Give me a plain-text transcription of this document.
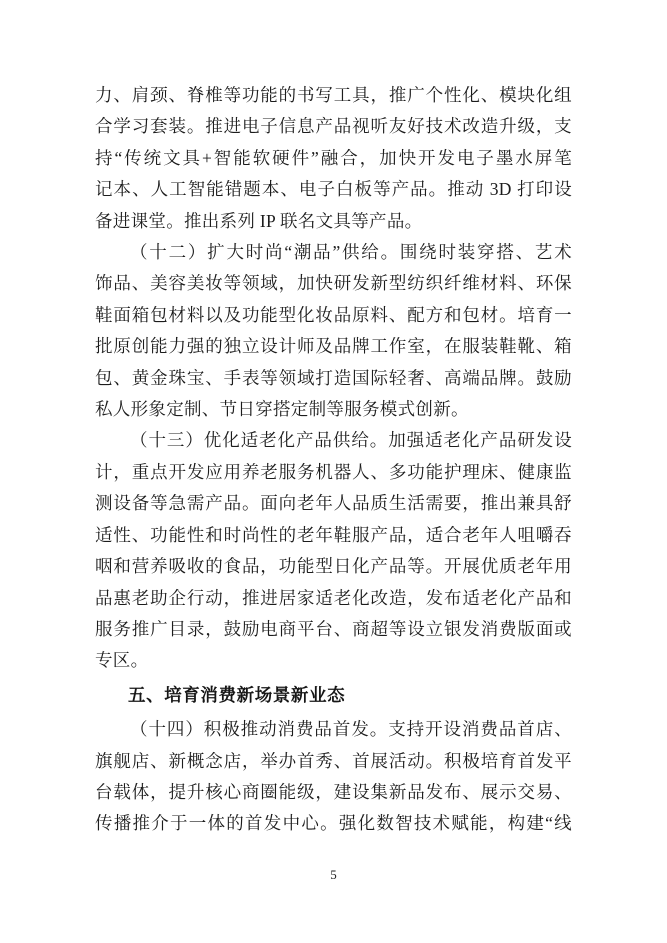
力、肩颈、脊椎等功能的书写工具，推广个性化、模块化组
合学习套装。推进电子信息产品视听友好技术改造升级，支
持“传统文具+智能软硬件”融合，加快开发电子墨水屏笔
记本、人工智能错题本、电子白板等产品。推动 3D 打印设
备进课堂。推出系列 IP 联名文具等产品。
（十二）扩大时尚“潮品”供给。围绕时装穿搭、艺术
饰品、美容美妆等领域，加快研发新型纺织纤维材料、环保
鞋面箱包材料以及功能型化妆品原料、配方和包材。培育一
批原创能力强的独立设计师及品牌工作室，在服装鞋靴、箱
包、黄金珠宝、手表等领域打造国际轻奢、高端品牌。鼓励
私人形象定制、节日穿搭定制等服务模式创新。
（十三）优化适老化产品供给。加强适老化产品研发设
计，重点开发应用养老服务机器人、多功能护理床、健康监
测设备等急需产品。面向老年人品质生活需要，推出兼具舒
适性、功能性和时尚性的老年鞋服产品，适合老年人咀嚼吞
咽和营养吸收的食品，功能型日化产品等。开展优质老年用
品惠老助企行动，推进居家适老化改造，发布适老化产品和
服务推广目录，鼓励电商平台、商超等设立银发消费版面或
专区。
五、培育消费新场景新业态
（十四）积极推动消费品首发。支持开设消费品首店、
旗舰店、新概念店，举办首秀、首展活动。积极培育首发平
台载体，提升核心商圈能级，建设集新品发布、展示交易、
传播推介于一体的首发中心。强化数智技术赋能，构建“线
5
